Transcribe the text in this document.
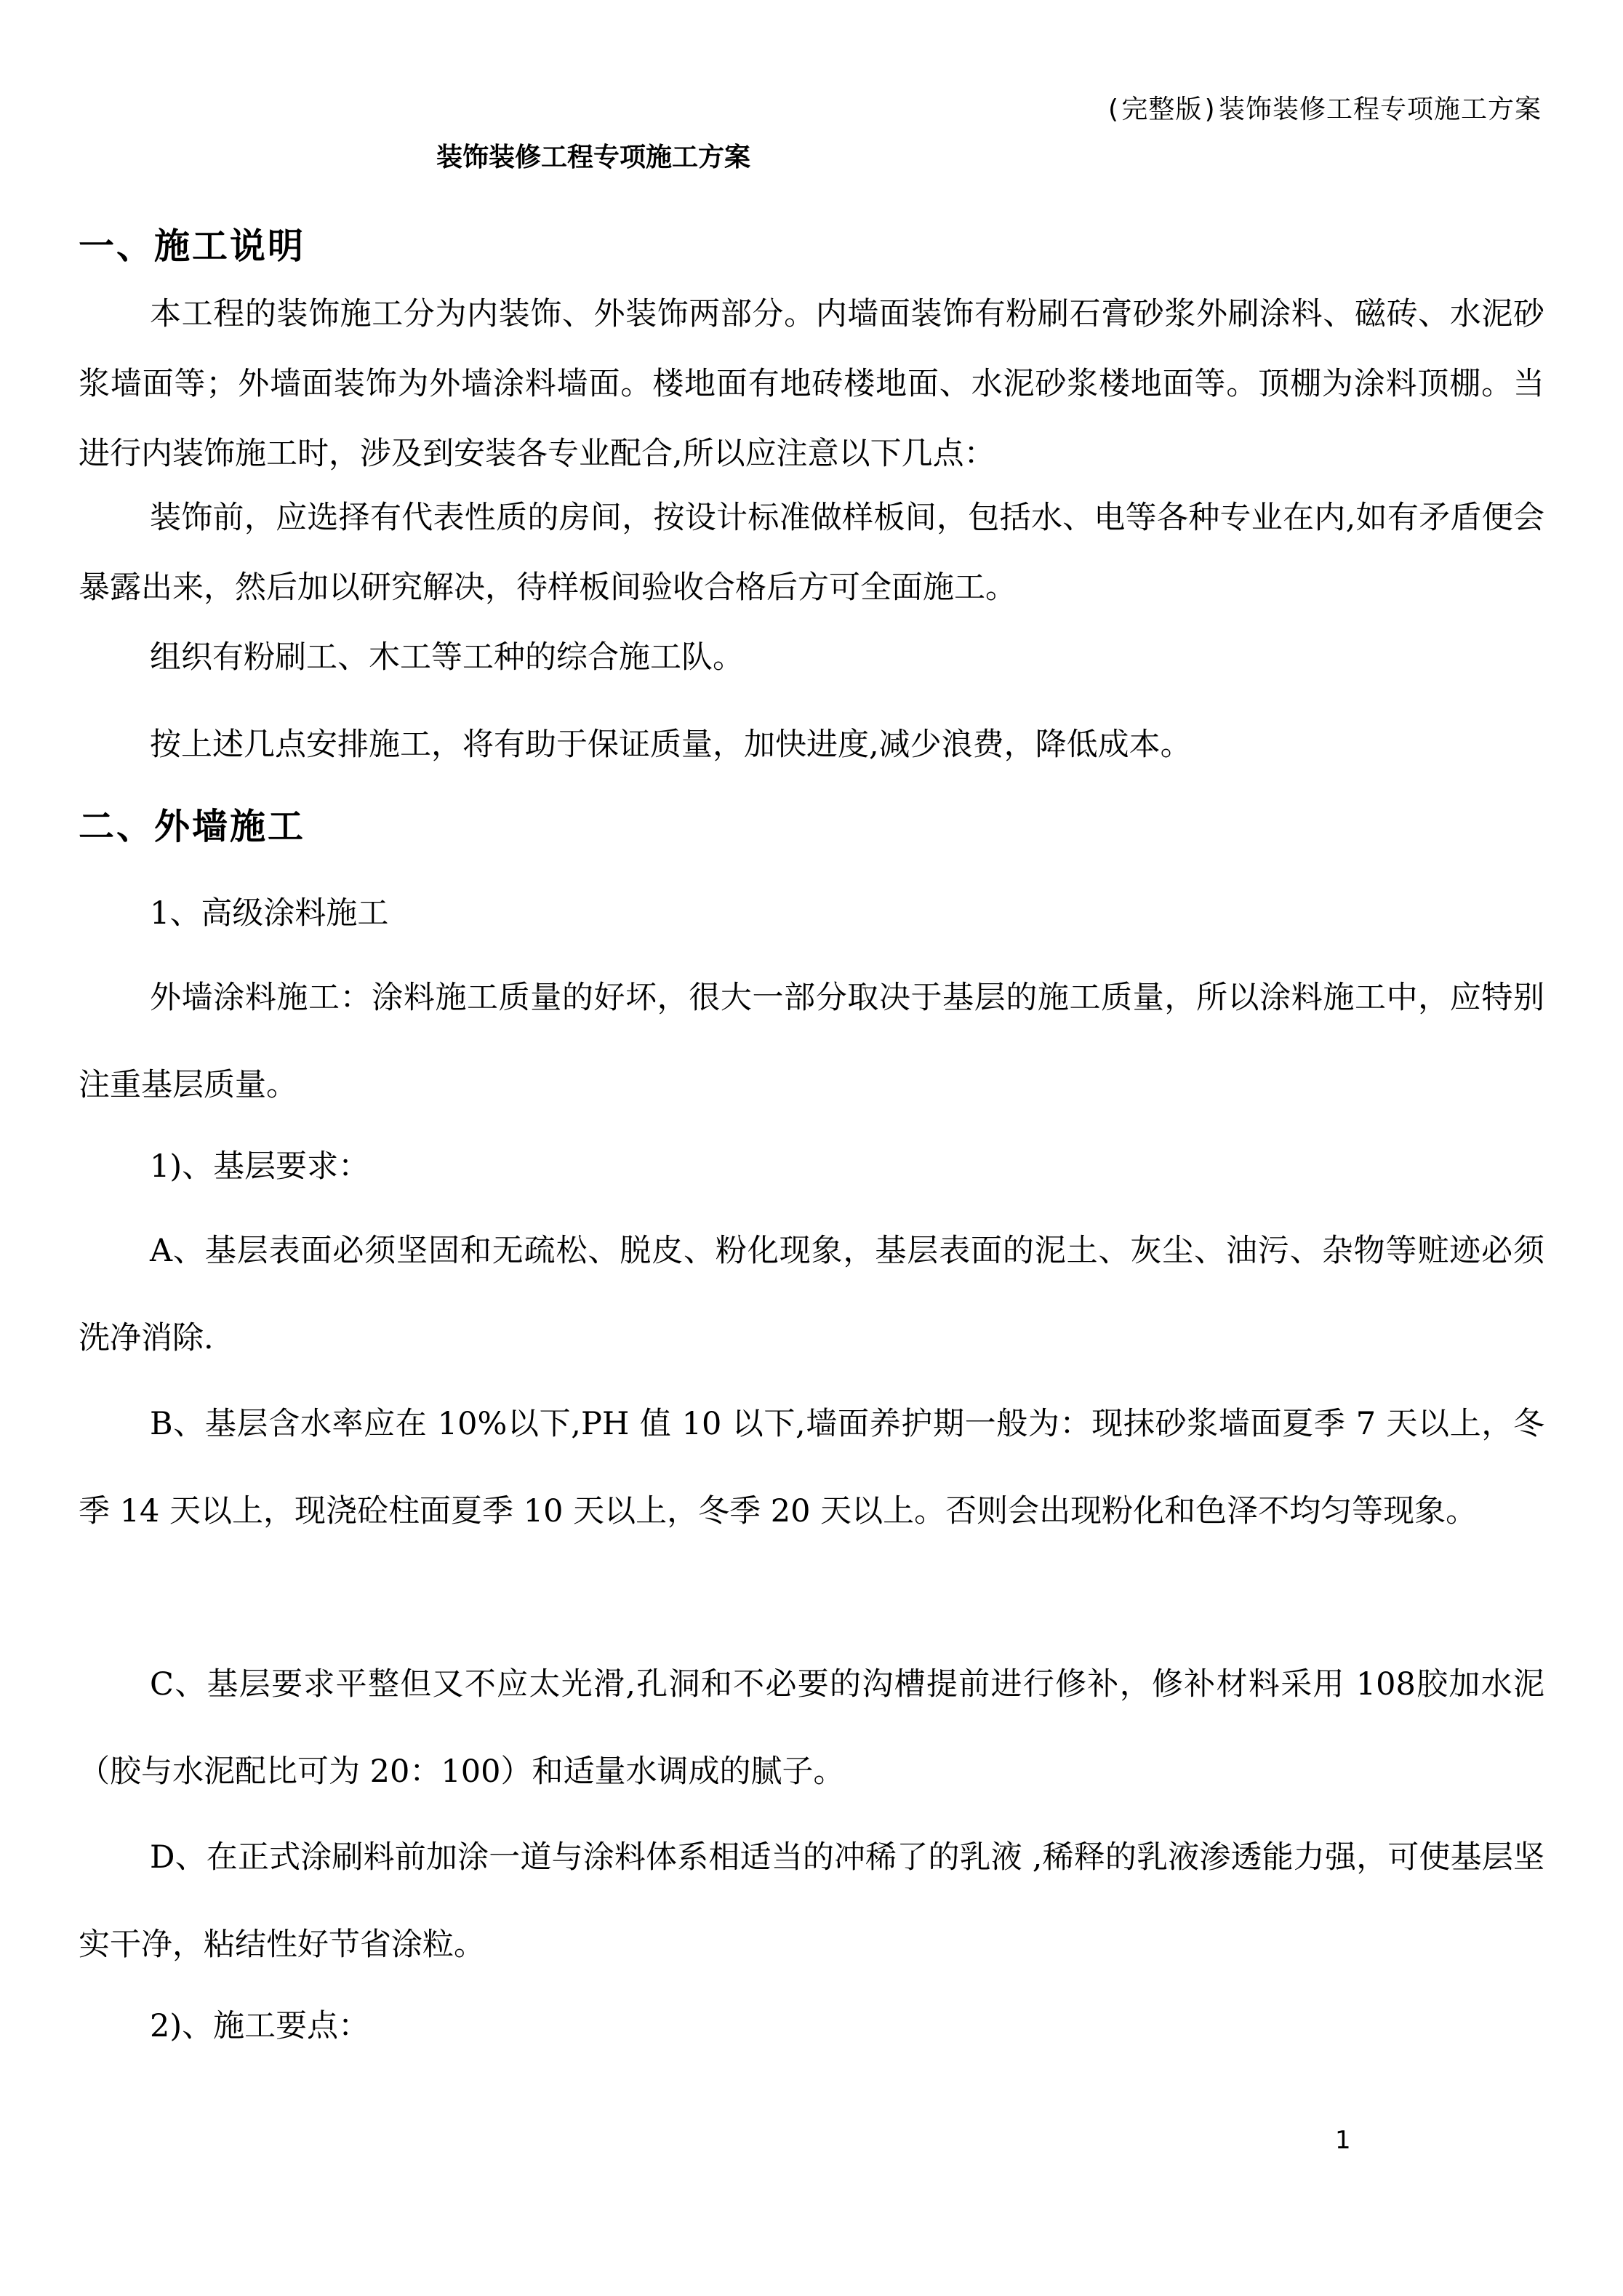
(完整版)装饰装修工程专项施工方案
装饰装修工程专项施工方案
一、施工说明

本工程的装饰施工分为内装饰、外装饰两部分。内墙面装饰有粉刷石膏砂浆外刷涂料、磁砖、水泥砂浆墙面等；外墙面装饰为外墙涂料墙面。楼地面有地砖楼地面、水泥砂浆楼地面等。顶棚为涂料顶棚。当进行内装饰施工时，涉及到安装各专业配合,所以应注意以下几点：

装饰前，应选择有代表性质的房间，按设计标准做样板间，包括水、电等各种专业在内,如有矛盾便会暴露出来，然后加以研究解决，待样板间验收合格后方可全面施工。

组织有粉刷工、木工等工种的综合施工队。

按上述几点安排施工，将有助于保证质量，加快进度,减少浪费，降低成本。

二、外墙施工

1、高级涂料施工

外墙涂料施工：涂料施工质量的好坏，很大一部分取决于基层的施工质量，所以涂料施工中，应特别注重基层质量。

1)、基层要求：

A、基层表面必须坚固和无疏松、脱皮、粉化现象，基层表面的泥土、灰尘、油污、杂物等赃迹必须洗净消除.

B、基层含水率应在 10%以下,PH 值 10 以下,墙面养护期一般为：现抹砂浆墙面夏季 7 天以上，冬季 14 天以上，现浇砼柱面夏季 10 天以上，冬季 20 天以上。否则会出现粉化和色泽不均匀等现象。

C、基层要求平整但又不应太光滑,孔洞和不必要的沟槽提前进行修补，修补材料采用 108胶加水泥（胶与水泥配比可为 20：100）和适量水调成的腻子。

D、在正式涂刷料前加涂一道与涂料体系相适当的冲稀了的乳液 ,稀释的乳液渗透能力强，可使基层坚实干净，粘结性好节省涂粒。

2)、施工要点：

1
